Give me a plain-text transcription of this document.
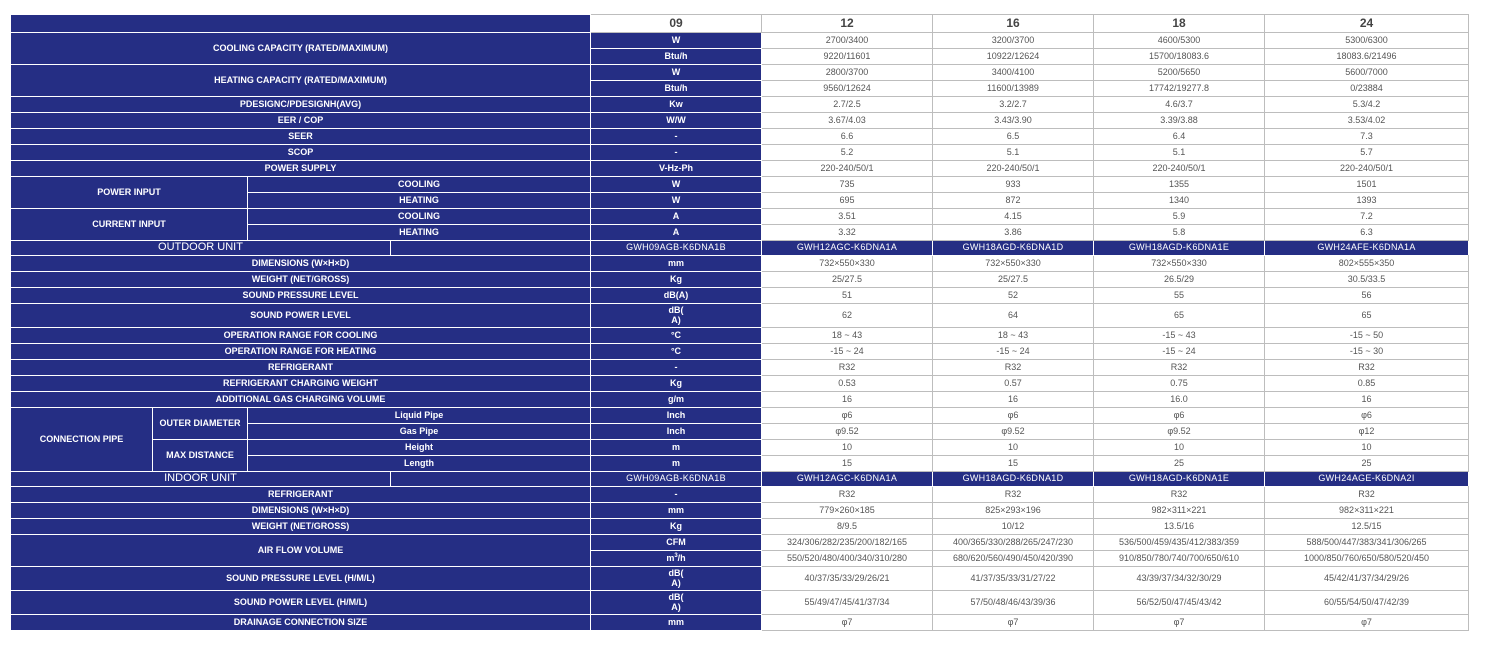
				09	12	16	18	24	
COOLING CAPACITY (RATED/MAXIMUM)				W	2700/3400	3200/3700	4600/5300	5300/6300	
				Btu/h	9220/11601	10922/12624	15700/18083.6	18083.6/21496	
HEATING CAPACITY (RATED/MAXIMUM)				W	2800/3700	3400/4100	5200/5650	5600/7000	
				Btu/h	9560/12624	11600/13989	17742/19277.8	0/23884	
PDESIGNC/PDESIGNH(AVG)				Kw	2.7/2.5	3.2/2.7	4.6/3.7	5.3/4.2	
EER / COP				W/W	3.67/4.03	3.43/3.90	3.39/3.88	3.53/4.02	
SEER				-	6.6	6.5	6.4	7.3	
SCOP				-	5.2	5.1	5.1	5.7	
POWER SUPPLY				V-Hz-Ph	220-240/50/1	220-240/50/1	220-240/50/1	220-240/50/1	
POWER INPUT		COOLING		W	735	933	1355	1501	
		HEATING		W	695	872	1340	1393	
CURRENT INPUT		COOLING		A	3.51	4.15	5.9	7.2	
		HEATING		A	3.32	3.86	5.8	6.3	
OUTDOOR UNIT				GWH09AGB-K6DNA1B	GWH12AGC-K6DNA1A	GWH18AGD-K6DNA1D	GWH18AGD-K6DNA1E	GWH24AFE-K6DNA1A	
DIMENSIONS (W×H×D)				mm	732×550×330	732×550×330	732×550×330	802×555×350	
WEIGHT (NET/GROSS)				Kg	25/27.5	25/27.5	26.5/29	30.5/33.5	
SOUND PRESSURE LEVEL				dB(A)	51	52	55	56	
SOUND POWER LEVEL				dB(
A)	62	64	65	65	
OPERATION RANGE FOR COOLING				°C	18 ~ 43	18 ~ 43	-15 ~ 43	-15 ~ 50	
OPERATION RANGE FOR HEATING				°C	-15 ~ 24	-15 ~ 24	-15 ~ 24	-15 ~ 30	
REFRIGERANT				-	R32	R32	R32	R32	
REFRIGERANT CHARGING WEIGHT				Kg	0.53	0.57	0.75	0.85	
ADDITIONAL GAS CHARGING VOLUME				g/m	16	16	16.0	16	
CONNECTION PIPE	OUTER DIAMETER	Liquid Pipe		Inch	φ6	φ6	φ6	φ6	
		Gas Pipe		Inch	φ9.52	φ9.52	φ9.52	φ12	
	MAX DISTANCE	Height		m	10	10	10	10	
		Length		m	15	15	25	25	
INDOOR UNIT				GWH09AGB-K6DNA1B	GWH12AGC-K6DNA1A	GWH18AGD-K6DNA1D	GWH18AGD-K6DNA1E	GWH24AGE-K6DNA2I	
REFRIGERANT				-	R32	R32	R32	R32	
DIMENSIONS (W×H×D)				mm	779×260×185	825×293×196	982×311×221	982×311×221	
WEIGHT (NET/GROSS)				Kg	8/9.5	10/12	13.5/16	12.5/15	
AIR FLOW VOLUME				CFM	324/306/282/235/200/182/165	400/365/330/288/265/247/230	536/500/459/435/412/383/359	588/500/447/383/341/306/265	
				$m^3/h$	550/520/480/400/340/310/280	680/620/560/490/450/420/390	910/850/780/740/700/650/610	1000/850/760/650/580/520/450	
SOUND PRESSURE LEVEL (H/M/L)				dB(
A)	40/37/35/33/29/26/21	41/37/35/33/31/27/22	43/39/37/34/32/30/29	45/42/41/37/34/29/26	
SOUND POWER LEVEL (H/M/L)				dB(
A)	55/49/47/45/41/37/34	57/50/48/46/43/39/36	56/52/50/47/45/43/42	60/55/54/50/47/42/39	
DRAINAGE CONNECTION SIZE				mm	φ7	φ7	φ7	φ7	
